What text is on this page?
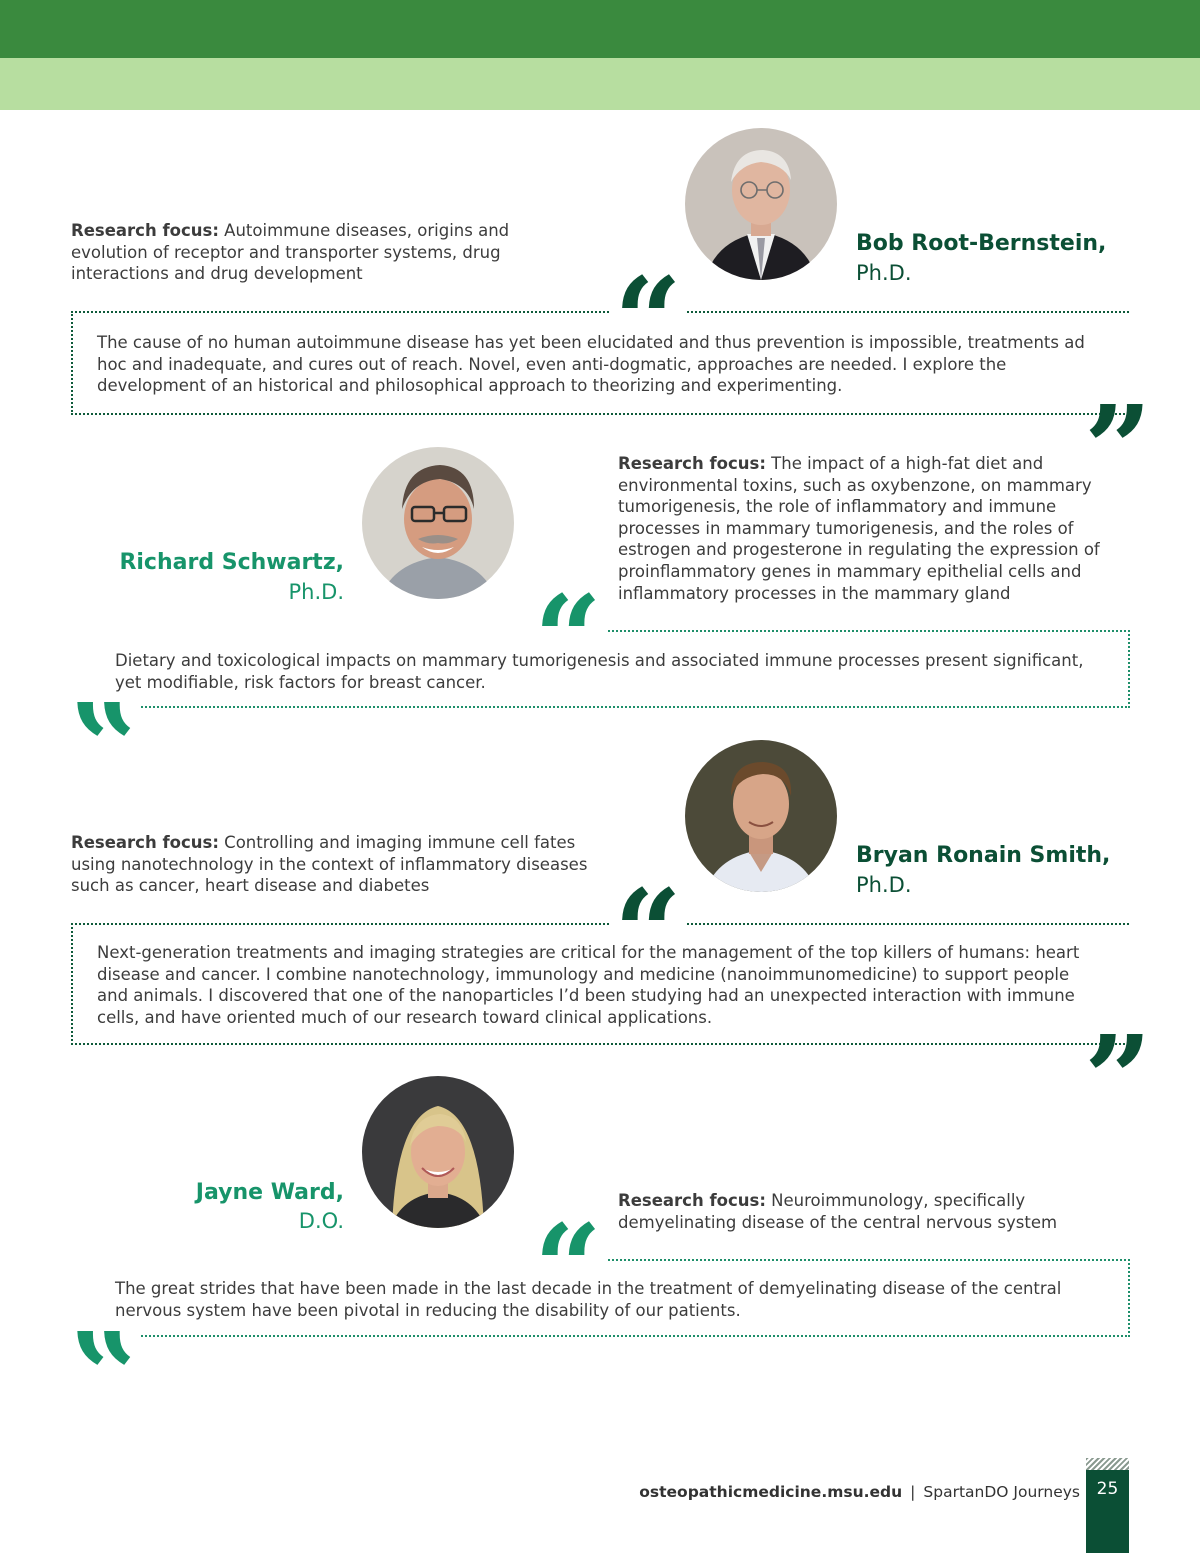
Research focus: Autoimmune diseases, origins and evolution of receptor and transporter systems, drug interactions and drug development
Bob Root-Bernstein,
Ph.D.
“
”
The cause of no human autoimmune disease has yet been elucidated and thus prevention is impossible, treatments ad hoc and inadequate, and cures out of reach. Novel, even anti-dogmatic, approaches are needed. I explore the development of an historical and philosophical approach to theorizing and experimenting.
Richard Schwartz,
Ph.D.
Research focus: The impact of a high-fat diet and environmental toxins, such as oxybenzone, on mammary tumorigenesis, the role of inflammatory and immune processes in mammary tumorigenesis, and the roles of estrogen and progesterone in regulating the expression of proinflammatory genes in mammary epithelial cells and inflammatory processes in the mammary gland
“
”
Dietary and toxicological impacts on mammary tumorigenesis and associated immune processes present significant, yet modifiable, risk factors for breast cancer.
Research focus: Controlling and imaging immune cell fates using nanotechnology in the context of inflammatory diseases such as cancer, heart disease and diabetes
Bryan Ronain Smith,
Ph.D.
“
”
Next-generation treatments and imaging strategies are critical for the management of the top killers of humans: heart disease and cancer. I combine nanotechnology, immunology and medicine (nanoimmunomedicine) to support people and animals. I discovered that one of the nanoparticles I’d been studying had an unexpected interaction with immune cells, and have oriented much of our research toward clinical applications.
Jayne Ward,
D.O.
Research focus: Neuroimmunology, specifically demyelinating disease of the central nervous system
“
”
The great strides that have been made in the last decade in the treatment of demyelinating disease of the central nervous system have been pivotal in reducing the disability of our patients.
osteopathicmedicine.msu.edu | SpartanDO Journeys 25
